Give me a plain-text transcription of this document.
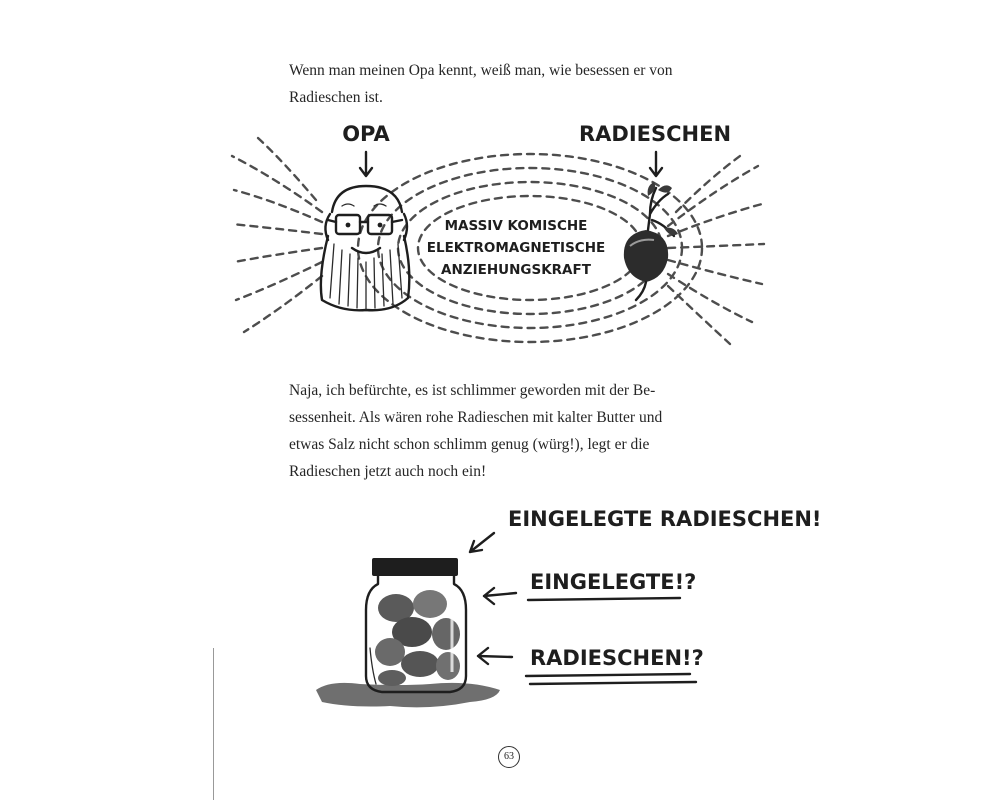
Wenn man meinen Opa kennt, weiß man, wie besessen er von
Radieschen ist.

OPA	RADIESCHEN
MASSIV KOMISCHE
ELEKTROMAGNETISCHE
ANZIEHUNGSKRAFT

Naja, ich befürchte, es ist schlimmer geworden mit der Be-
sessenheit. Als wären rohe Radieschen mit kalter Butter und
etwas Salz nicht schon schlimm genug (würg!), legt er die
Radieschen jetzt auch noch ein!

EINGELEGTE RADIESCHEN!
EINGELEGTE!?
RADIESCHEN!?
63
